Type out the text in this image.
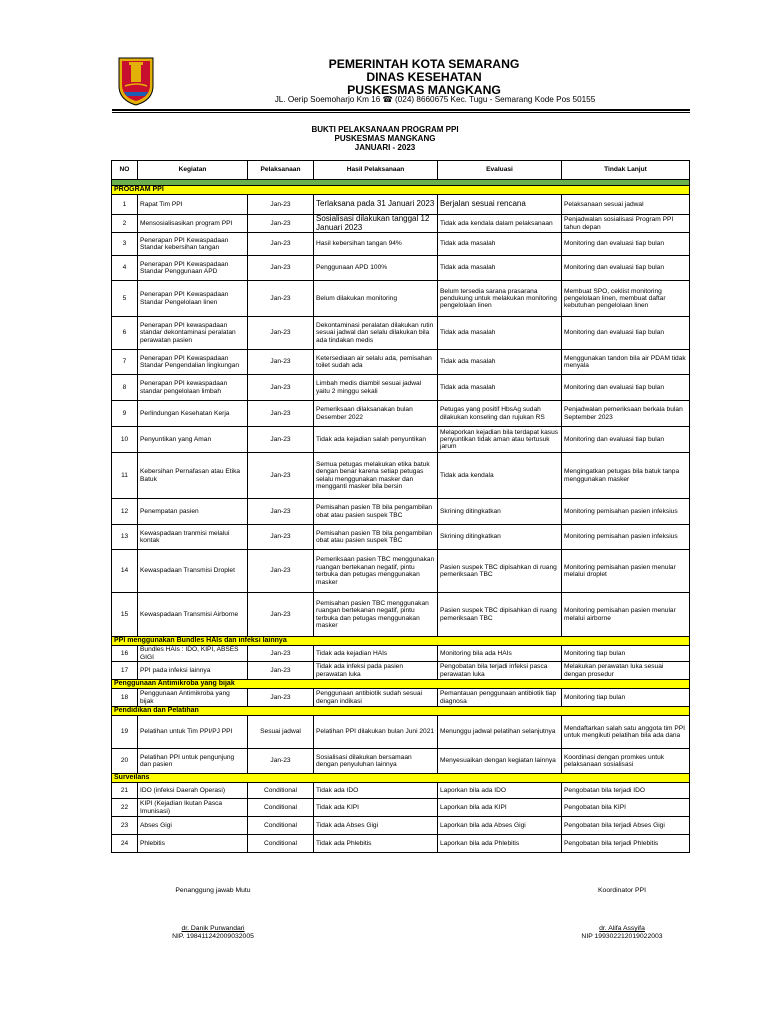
PEMERINTAH KOTA SEMARANG
DINAS KESEHATAN
PUSKESMAS MANGKANG
JL. Oerip Soemoharjo Km 16 ☎ (024) 8660675 Kec. Tugu - Semarang Kode Pos 50155
BUKTI PELAKSANAAN PROGRAM PPI
PUSKESMAS MANGKANG
JANUARI - 2023
NO	Kegiatan	Pelaksanaan	Hasil Pelaksanaan	Evaluasi	Tindak Lanjut

PROGRAM PPI					
1	Rapat Tim PPI	Jan-23	Terlaksana pada 31 Januari 2023	Berjalan sesuai rencana	Pelaksanaan sesuai jadwal
2	Mensosialisasikan program PPI	Jan-23	Sosialisasi dilakukan tanggal 12 Januari 2023	Tidak ada kendala dalam pelaksanaan	Penjadwalan sosialisasi Program PPI tahun depan
3	Penerapan PPI Kewaspadaan Standar kebersihan tangan	Jan-23	Hasil kebersihan tangan 94%	Tidak ada masalah	Monitoring dan evaluasi tiap bulan
4	Penerapan PPI Kewaspadaan Standar Penggunaan APD	Jan-23	Penggunaan APD 100%	Tidak ada masalah	Monitoring dan evaluasi tiap bulan
5	Penerapan PPI Kewaspadaan Standar Pengelolaan linen	Jan-23	Belum dilakukan monitoring	Belum tersedia sarana prasarana pendukung untuk melakukan monitoring pengelolaan linen	Membuat SPO, ceklist monitoring pengelolaan linen, membuat daftar kebutuhan pengelolaan linen
6	Penerapan PPI kewaspadaan standar dekontaminasi peralatan perawatan pasien	Jan-23	Dekontaminasi peralatan dilakukan rutin sesuai jadwal dan selalu dilakukan bila ada tindakan medis	Tidak ada masalah	Monitoring dan evaluasi tiap bulan
7	Penerapan PPI Kewaspadaan Standar Pengendalian lingkungan	Jan-23	Ketersediaan air selalu ada, pemisahan toilet sudah ada	Tidak ada masalah	Menggunakan tandon bila air PDAM tidak menyala
8	Penerapan PPI kewaspadaan standar pengelolaan limbah	Jan-23	Limbah medis diambil sesuai jadwal yaitu 2 minggu sekali	Tidak ada masalah	Monitoring dan evaluasi tiap bulan
9	Perlindungan Kesehatan Kerja	Jan-23	Pemeriksaan dilaksanakan bulan Desember 2022	Petugas yang positif HbsAg sudah dilakukan konseling dan rujukan RS	Penjadwalan pemeriksaan berkala bulan September 2023
10	Penyuntikan yang Aman	Jan-23	Tidak ada kejadian salah penyuntikan	Melaporkan kejadian bila terdapat kasus penyuntikan tidak aman atau tertusuk jarum	Monitoring dan evaluasi tiap bulan
11	Kebersihan Pernafasan atau Etika Batuk	Jan-23	Semua petugas melakukan etika batuk dengan benar karena setiap petugas selalu menggunakan masker dan mengganti masker bila bersin	Tidak ada kendala	Mengingatkan petugas bila batuk tanpa menggunakan masker
12	Penempatan pasien	Jan-23	Pemisahan pasien TB bila pengambilan obat atau pasien suspek TBC	Skrining ditingkatkan	Monitoring pemisahan pasien infeksius
13	Kewaspadaan tranmisi melalui kontak	Jan-23	Pemisahan pasien TB bila pengambilan obat atau pasien suspek TBC	Skrining ditingkatkan	Monitoring pemisahan pasien infeksius
14	Kewaspadaan Transmisi Droplet	Jan-23	Pemeriksaan pasien TBC menggunakan ruangan bertekanan negatif, pintu terbuka dan petugas menggunakan masker	Pasien suspek TBC dipisahkan di ruang pemeriksaan TBC	Monitoring pemisahan pasien menular melalui droplet
15	Kewaspadaan Transmisi Airborne	Jan-23	Pemisahan pasien TBC menggunakan ruangan bertekanan negatif, pintu terbuka dan petugas menggunakan masker	Pasien suspek TBC dipisahkan di ruang pemeriksaan TBC	Monitoring pemisahan pasien menular melalui airborne
PPI menggunakan Bundles HAIs dan infeksi lainnya					
16	Bundles HAIs : IDO, KIPI, ABSES GIGI	Jan-23	Tidak ada kejadian HAIs	Monitoring bila ada HAIs	Monitoring tiap bulan
17	PPI pada infeksi lainnya	Jan-23	Tidak ada infeksi pada pasien perawatan luka	Pengobatan bila terjadi infeksi pasca perawatan luka	Melakukan perawatan luka sesuai dengan prosedur
Penggunaan Antimikroba yang bijak					
18	Penggunaan Antimikroba yang bijak	Jan-23	Penggunaan antibiotik sudah sesuai dengan indikasi	Pemantauan penggunaan antibiotik tiap diagnosa	Monitoring tiap bulan
Pendidikan dan Pelatihan					
19	Pelatihan untuk Tim PPI/PJ PPI	Sesuai jadwal	Pelatihan PPI dilakukan bulan Juni 2021	Menunggu jadwal pelatihan selanjutnya	Mendaftarkan salah satu anggota tim PPI untuk mengikuti pelatihan bila ada dana
20	Pelatihan PPI untuk pengunjung dan pasien	Jan-23	Sosialisasi dilakukan bersamaan dengan penyuluhan lainnya	Menyesuaikan dengan kegiatan lainnya	Koordinasi dengan promkes untuk pelaksanaan sosialisasi
Surveilans					
21	IDO (infeksi Daerah Operasi)	Conditional	Tidak ada IDO	Laporkan bila ada IDO	Pengobatan bila terjadi IDO
22	KIPI (Kejadian Ikutan Pasca Imunisasi)	Conditional	Tidak ada KIPI	Laporkan bila ada KIPI	Pengobatan bila KIPI
23	Abses Gigi	Conditional	Tidak ada Abses Gigi	Laporkan bila ada Abses Gigi	Pengobatan bila terjadi Abses Gigi
24	Phlebitis	Conditional	Tidak ada Phlebitis	Laporkan bila ada Phlebitis	Pengobatan bila terjadi Phlebitis
Penanggung jawab Mutu
dr. Danik Purwandari
NIP. 198411242009032005
Koordinator PPI
dr. Alifa Assyifa
NIP 199302212019022003
